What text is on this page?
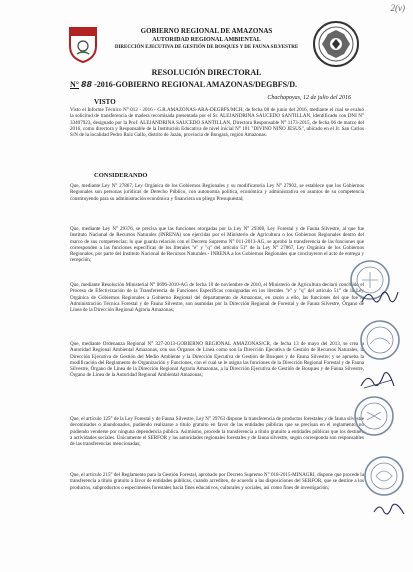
2(v)
GOBIERNO REGIONAL DE AMAZONAS
AUTORIDAD REGIONAL AMBIENTAL
DIRECCIÓN EJECUTIVA DE GESTIÓN DE BOSQUES Y DE FAUNA SILVESTRE
RESOLUCIÓN DIRECTORAL
N° 88 -2016-GOBIERNO REGIONAL AMAZONAS/DEGBFS/D.
VISTO	Chachapoyas, 12 de julio del 2016
Visto el Informe Técnico N° 012 - 2016 - G.R.AMAZONAS-ARA-DEGBFS/MCH, de fecha 08 de junio del 2016, mediante el cual se evaluó la solicitud de transferencia de madera recomisada presentada por el Sr. ALEJANDRINA SAUCEDO SANTILLAN, identificado con DNI N° 33407923, designado por la Prof. ALEJANDRINA SAUCEDO SANTILLAN, Directora Responsable N° 1173-2015, de fecha 06 de marzo del 2016, como directora y Responsable de la Institución Educativa de nivel inicial N° 101 "DIVINO NIÑO JESUS", ubicado en el Jr. San Carlos S/N de la localidad Pedro Ruiz Gallo, distrito de Jazán, provincia de Bongará, región Amazonas.
CONSIDERANDO
Que, mediante Ley N° 27867, Ley Orgánica de los Gobiernos Regionales y su modificatoria Ley N° 27902, se establece que los Gobiernos Regionales son personas jurídicas de Derecho Público, con autonomía política, económica y administrativa en asuntos de su competencia constituyendo para su administración económica y financiera un pliego Presupuestal;
Que, mediante Ley N° 29376, se precisa que las funciones otorgadas por la Ley N° 29308, Ley Forestal y de Fauna Silvestre, al que fue Instituto Nacional de Recursos Naturales (INRENA) son ejercidas por el Ministerio de Agricultura o los Gobiernos Regionales dentro del marco de sus competencias; lo que guarda relación con el Decreto Supremo N° 011-2013-AG, se aprobó la transferencia de las funciones que corresponden a las funciones específicas de los literales "e" y "q" del artículo 51° de la Ley N° 27867, Ley Orgánica de los Gobiernos Regionales, por parte del Instituto Nacional de Recursos Naturales - INRENA a los Gobiernos Regionales que concluyeron el acto de entrega y recepción;
Que, mediante Resolución Ministerial N° 0696-2010-AG de fecha 10 de noviembre de 2010, el Ministerio de Agricultura declaró concluido el Proceso de Efectivización de la Transferencia de Funciones Específicas consignadas en los literales "e" y "q" del artículo 51° de la Ley Orgánica de Gobiernos Regionales a Gobierno Regional del departamento de Amazonas, en razón a ello, las funciones del que fue la Administración Técnica Forestal y de Fauna Silvestre, son asumidas por la Dirección Regional de Forestal y de Fauna Silvestre, Órgano de Línea de la Dirección Regional Agraria Amazonas;
Que, mediante Ordenanza Regional N° 327-2013-GOBIERNO REGIONAL AMAZONAS/CR, de fecha 13 de mayo del 2013, se crea la Autoridad Regional Ambiental Amazonas, con sus Órganos de Línea como son la Dirección Ejecutiva de Gestión de Recursos Naturales, la Dirección Ejecutiva de Gestión del Medio Ambiente y la Dirección Ejecutiva de Gestión de Bosques y de Fauna Silvestre; y se aprueba la modificación del Reglamento de Organización y Funciones, con el cual se le asigna las funciones de la Dirección Regional Forestal y de Fauna Silvestre, Órgano de Línea de la Dirección Regional Agraria Amazonas, a la Dirección Ejecutiva de Gestión de Bosques y de Fauna Silvestre, Órgano de Línea de la Autoridad Regional Ambiental Amazonas;
Que, el artículo 125° de la Ley Forestal y de Fauna Silvestre, Ley N° 29763 dispone la transferencia de productos forestales y de fauna silvestre decomisados o abandonados, pudiendo realizarse a título gratuito en favor de las entidades públicas que se precisan en el reglamento, no pudiendo venderse por ninguna dependencia pública. Asimismo, procede la transferencia a título gratuito a entidades públicas que los destinen a actividades sociales. Únicamente el SERFOR y las autoridades regionales forestales y de fauna silvestre, según corresponda son responsables de las transferencias mencionadas;
Que, el artículo 215° del Reglamento para la Gestión Forestal, aprobado por Decreto Supremo N° 018-2015-MINAGRI, dispone que procede la transferencia a título gratuito a favor de entidades públicas, cuando acrediten, de acuerdo a las disposiciones del SERFOR, que se destine a los productos, subproductos o especímenes forestales hacia fines educativos, culturales y sociales, así como fines de investigación;
